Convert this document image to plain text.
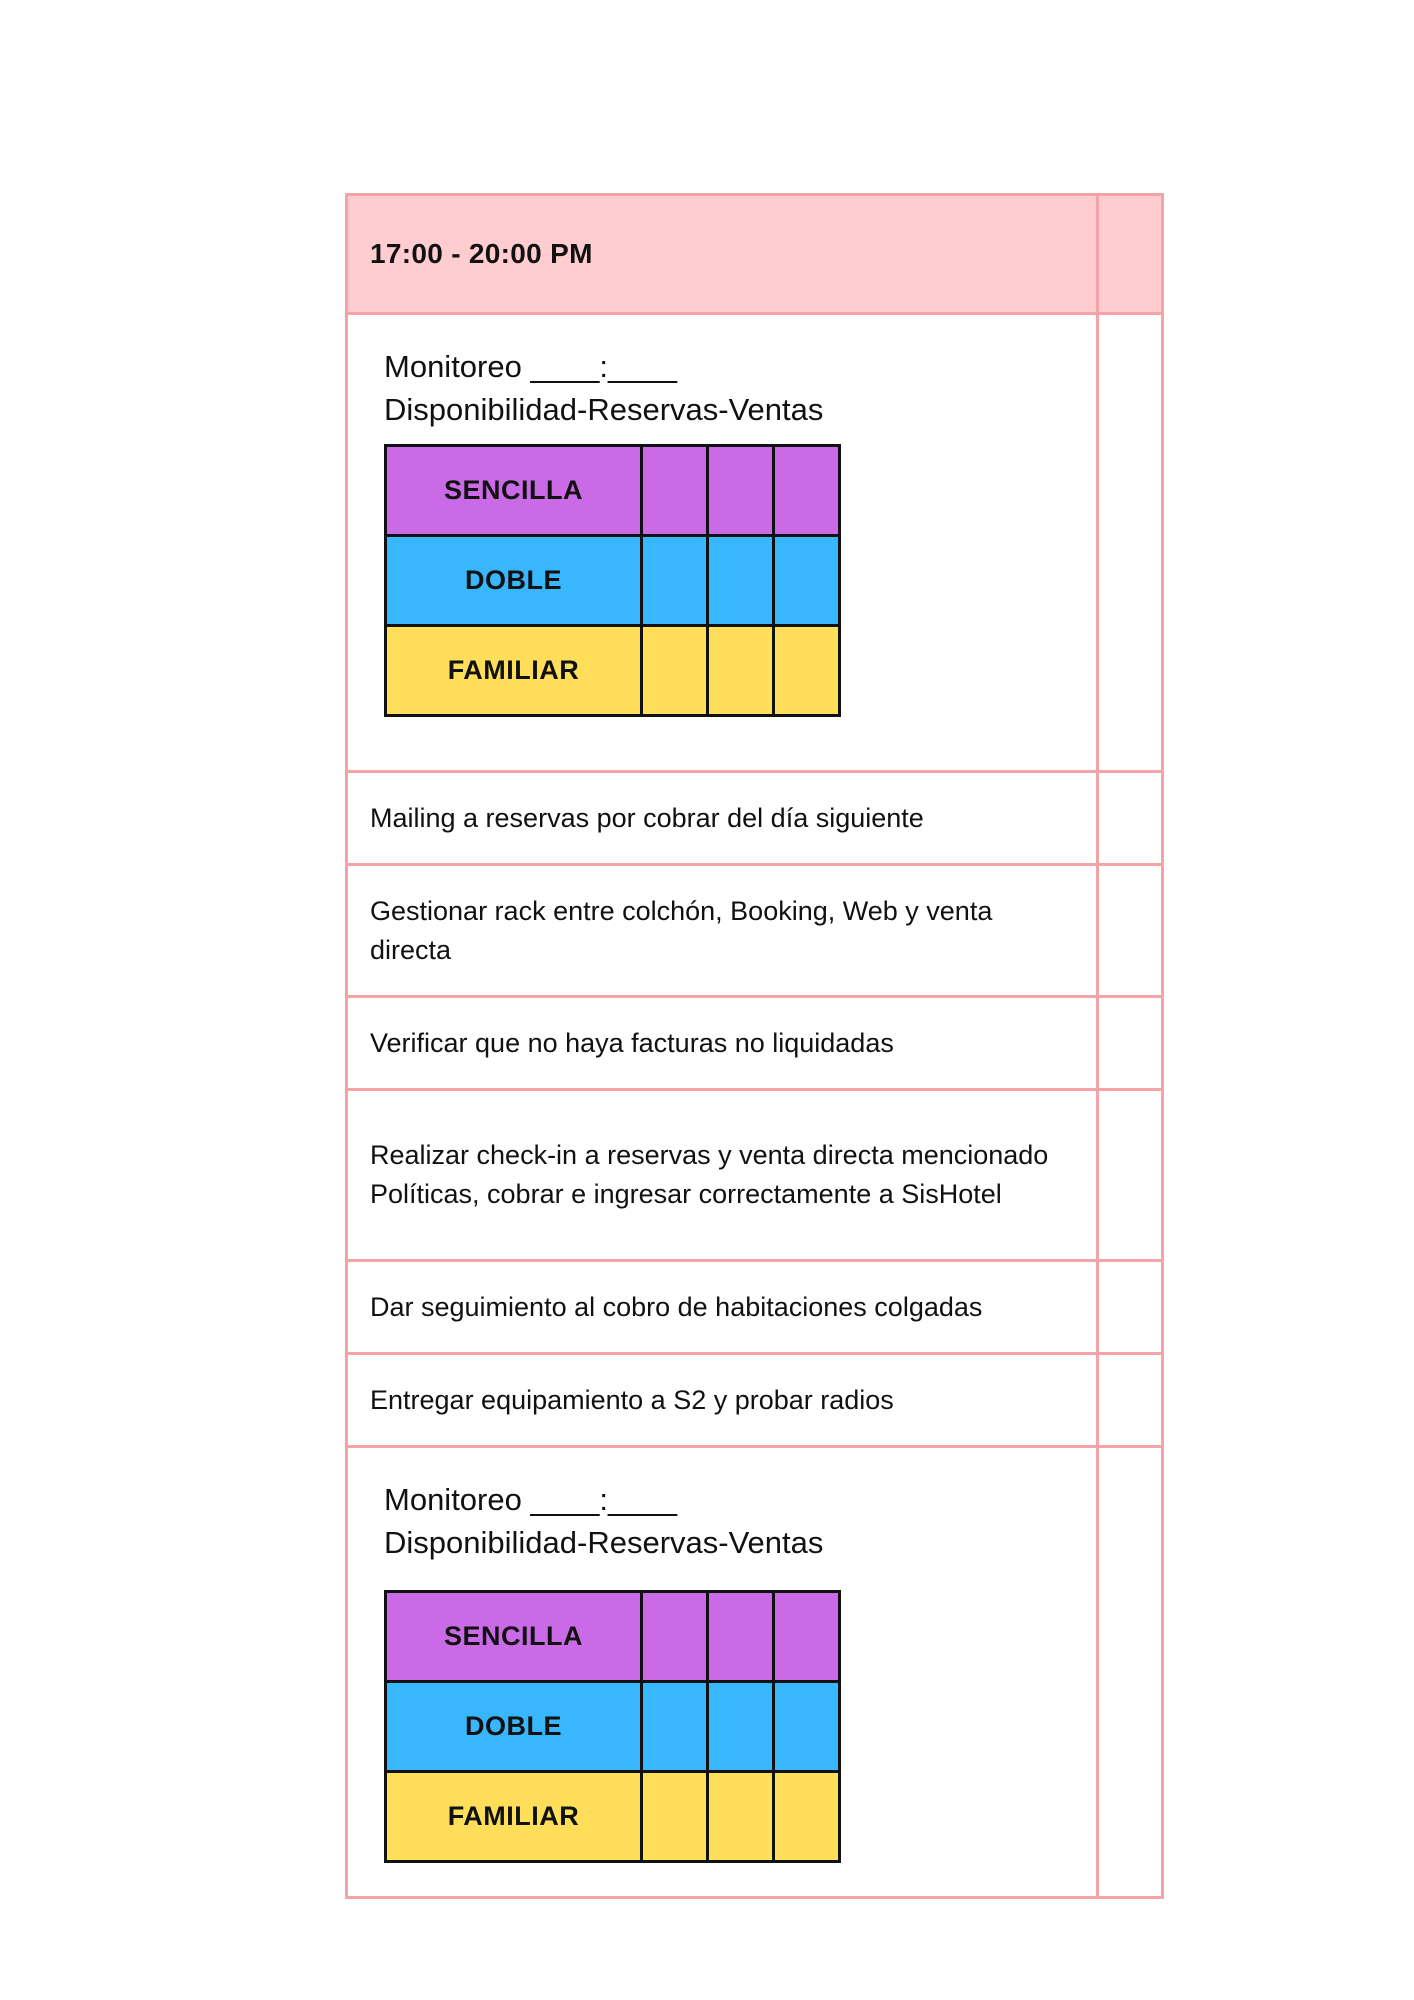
17:00 - 20:00 PM
Monitoreo ____:____
Disponibilidad-Reservas-Ventas
SENCILLA			
DOBLE			
FAMILIAR			
Mailing a reservas por cobrar del día siguiente
Gestionar rack entre colchón, Booking, Web y venta directa
Verificar que no haya facturas no liquidadas
Realizar check-in a reservas y venta directa mencionado Políticas, cobrar e ingresar correctamente a SisHotel
Dar seguimiento al cobro de habitaciones colgadas
Entregar equipamiento a S2 y probar radios
Monitoreo ____:____
Disponibilidad-Reservas-Ventas
SENCILLA			
DOBLE			
FAMILIAR			
